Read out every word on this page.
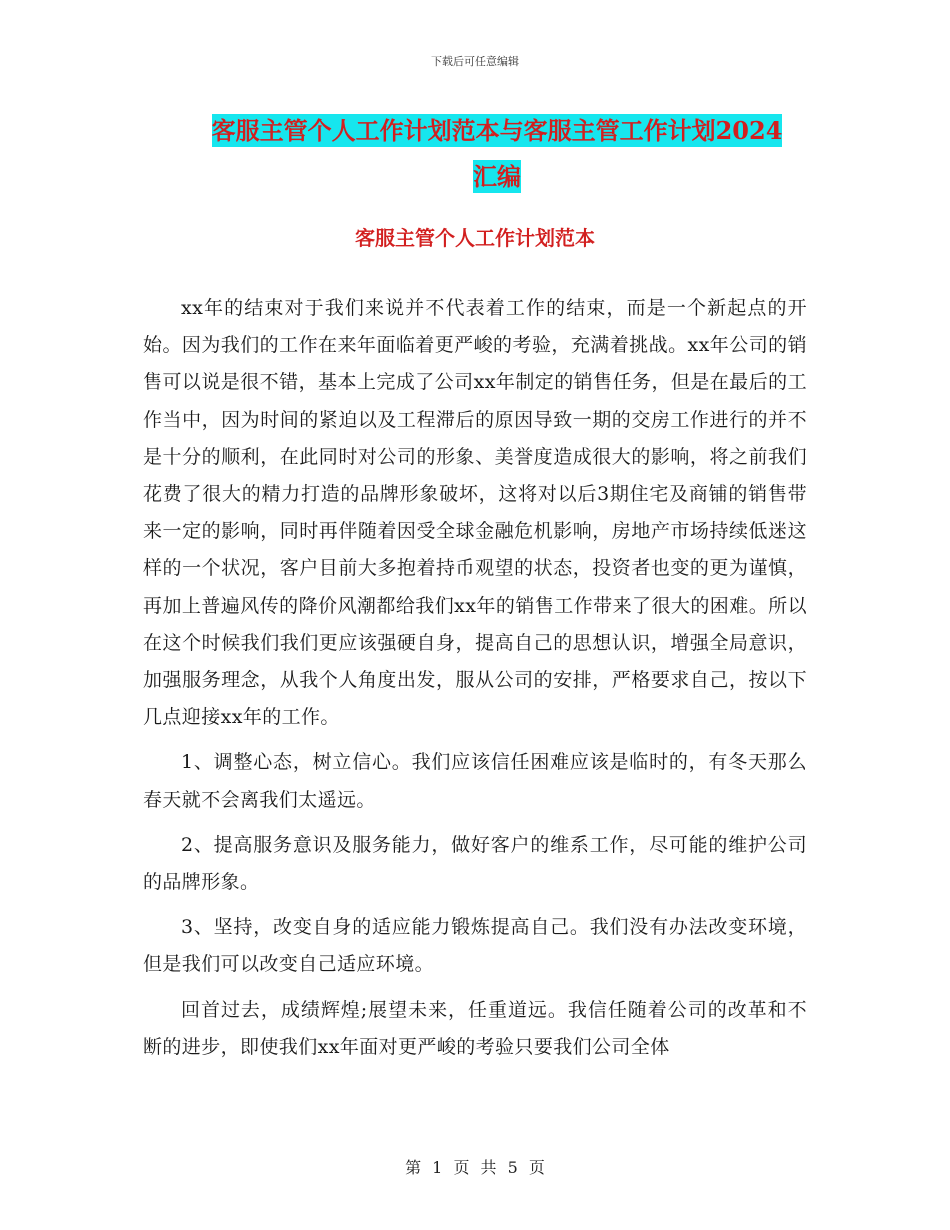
下载后可任意编辑
客服主管个人工作计划范本与客服主管工作计划2024
汇编
客服主管个人工作计划范本

xx年的结束对于我们来说并不代表着工作的结束，而是一个新起点的开始。因为我们的工作在来年面临着更严峻的考验，充满着挑战。xx年公司的销售可以说是很不错，基本上完成了公司xx年制定的销售任务，但是在最后的工作当中，因为时间的紧迫以及工程滞后的原因导致一期的交房工作进行的并不是十分的顺利，在此同时对公司的形象、美誉度造成很大的影响，将之前我们花费了很大的精力打造的品牌形象破坏，这将对以后3期住宅及商铺的销售带来一定的影响，同时再伴随着因受全球金融危机影响，房地产市场持续低迷这样的一个状况，客户目前大多抱着持币观望的状态，投资者也变的更为谨慎，再加上普遍风传的降价风潮都给我们xx年的销售工作带来了很大的困难。所以在这个时候我们我们更应该强硬自身，提高自己的思想认识，增强全局意识，加强服务理念，从我个人角度出发，服从公司的安排，严格要求自己，按以下几点迎接xx年的工作。

1、调整心态，树立信心。我们应该信任困难应该是临时的，有冬天那么春天就不会离我们太遥远。

2、提高服务意识及服务能力，做好客户的维系工作，尽可能的维护公司的品牌形象。

3、坚持，改变自身的适应能力锻炼提高自己。我们没有办法改变环境，但是我们可以改变自己适应环境。

回首过去，成绩辉煌;展望未来，任重道远。我信任随着公司的改革和不断的进步，即使我们xx年面对更严峻的考验只要我们公司全体

第 1 页 共 5 页
